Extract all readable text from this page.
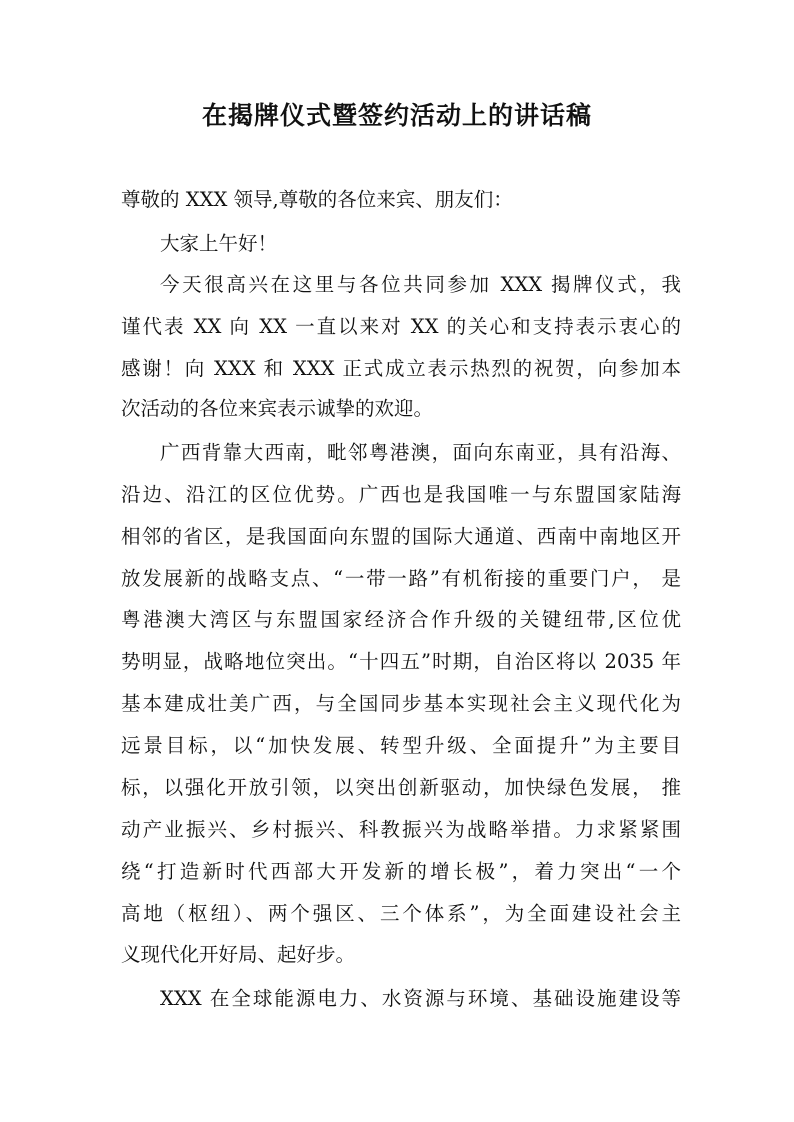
在揭牌仪式暨签约活动上的讲话稿
尊敬的 XXX 领导,尊敬的各位来宾、朋友们：
大家上午好！
今天很高兴在这里与各位共同参加 XXX 揭牌仪式，我
谨代表 XX 向 XX 一直以来对 XX 的关心和支持表示衷心的
感谢！向 XXX 和 XXX 正式成立表示热烈的祝贺，向参加本
次活动的各位来宾表示诚挚的欢迎。
广西背靠大西南，毗邻粤港澳，面向东南亚，具有沿海、
沿边、沿江的区位优势。广西也是我国唯一与东盟国家陆海
相邻的省区，是我国面向东盟的国际大通道、西南中南地区开
放发展新的战略支点、“一带一路”有机衔接的重要门户， 是
粤港澳大湾区与东盟国家经济合作升级的关键纽带,区位优
势明显，战略地位突出。“十四五”时期，自治区将以 2035 年
基本建成壮美广西，与全国同步基本实现社会主义现代化为
远景目标，以“加快发展、转型升级、全面提升”为主要目
标，以强化开放引领，以突出创新驱动，加快绿色发展， 推
动产业振兴、乡村振兴、科教振兴为战略举措。力求紧紧围
绕“打造新时代西部大开发新的增长极”，着力突出“一个
高地（枢纽）、两个强区、三个体系”，为全面建设社会主
义现代化开好局、起好步。
XXX 在全球能源电力、水资源与环境、基础设施建设等
